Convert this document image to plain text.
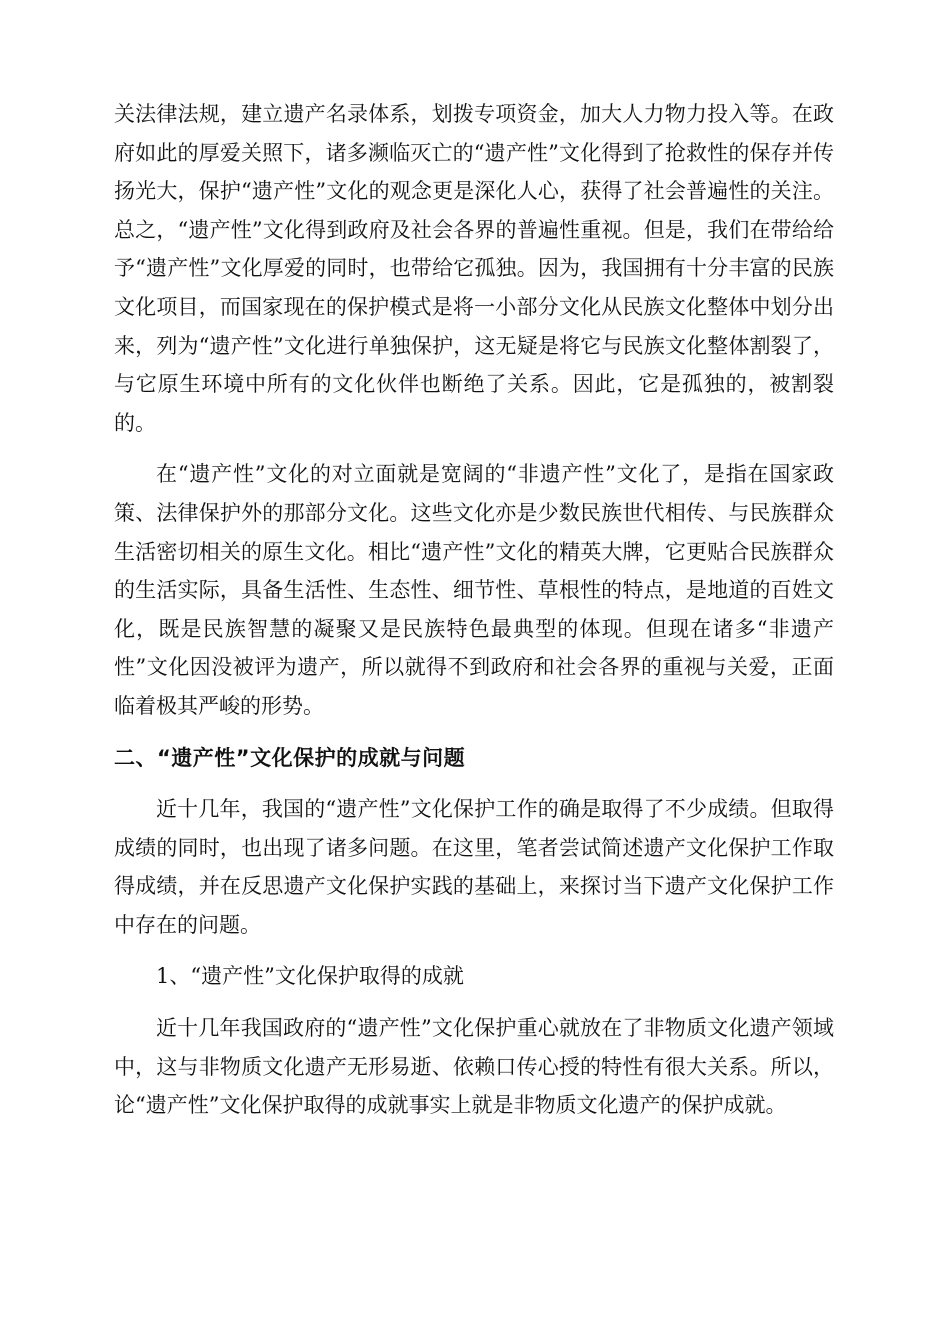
关法律法规，建立遗产名录体系，划拨专项资金，加大人力物力投入等。在政府如此的厚爱关照下，诸多濒临灭亡的“遗产性”文化得到了抢救性的保存并传扬光大，保护“遗产性”文化的观念更是深化人心，获得了社会普遍性的关注。总之，“遗产性”文化得到政府及社会各界的普遍性重视。但是，我们在带给给予“遗产性”文化厚爱的同时，也带给它孤独。因为，我国拥有十分丰富的民族文化项目，而国家现在的保护模式是将一小部分文化从民族文化整体中划分出来，列为“遗产性”文化进行单独保护，这无疑是将它与民族文化整体割裂了，与它原生环境中所有的文化伙伴也断绝了关系。因此，它是孤独的，被割裂的。

在“遗产性”文化的对立面就是宽阔的“非遗产性”文化了，是指在国家政策、法律保护外的那部分文化。这些文化亦是少数民族世代相传、与民族群众生活密切相关的原生文化。相比“遗产性”文化的精英大牌，它更贴合民族群众的生活实际，具备生活性、生态性、细节性、草根性的特点，是地道的百姓文化，既是民族智慧的凝聚又是民族特色最典型的体现。但现在诸多“非遗产性”文化因没被评为遗产，所以就得不到政府和社会各界的重视与关爱，正面临着极其严峻的形势。

二、“遗产性”文化保护的成就与问题

近十几年，我国的“遗产性”文化保护工作的确是取得了不少成绩。但取得成绩的同时，也出现了诸多问题。在这里，笔者尝试简述遗产文化保护工作取得成绩，并在反思遗产文化保护实践的基础上，来探讨当下遗产文化保护工作中存在的问题。

1、“遗产性”文化保护取得的成就

近十几年我国政府的“遗产性”文化保护重心就放在了非物质文化遗产领域中，这与非物质文化遗产无形易逝、依赖口传心授的特性有很大关系。所以，论“遗产性”文化保护取得的成就事实上就是非物质文化遗产的保护成就。
